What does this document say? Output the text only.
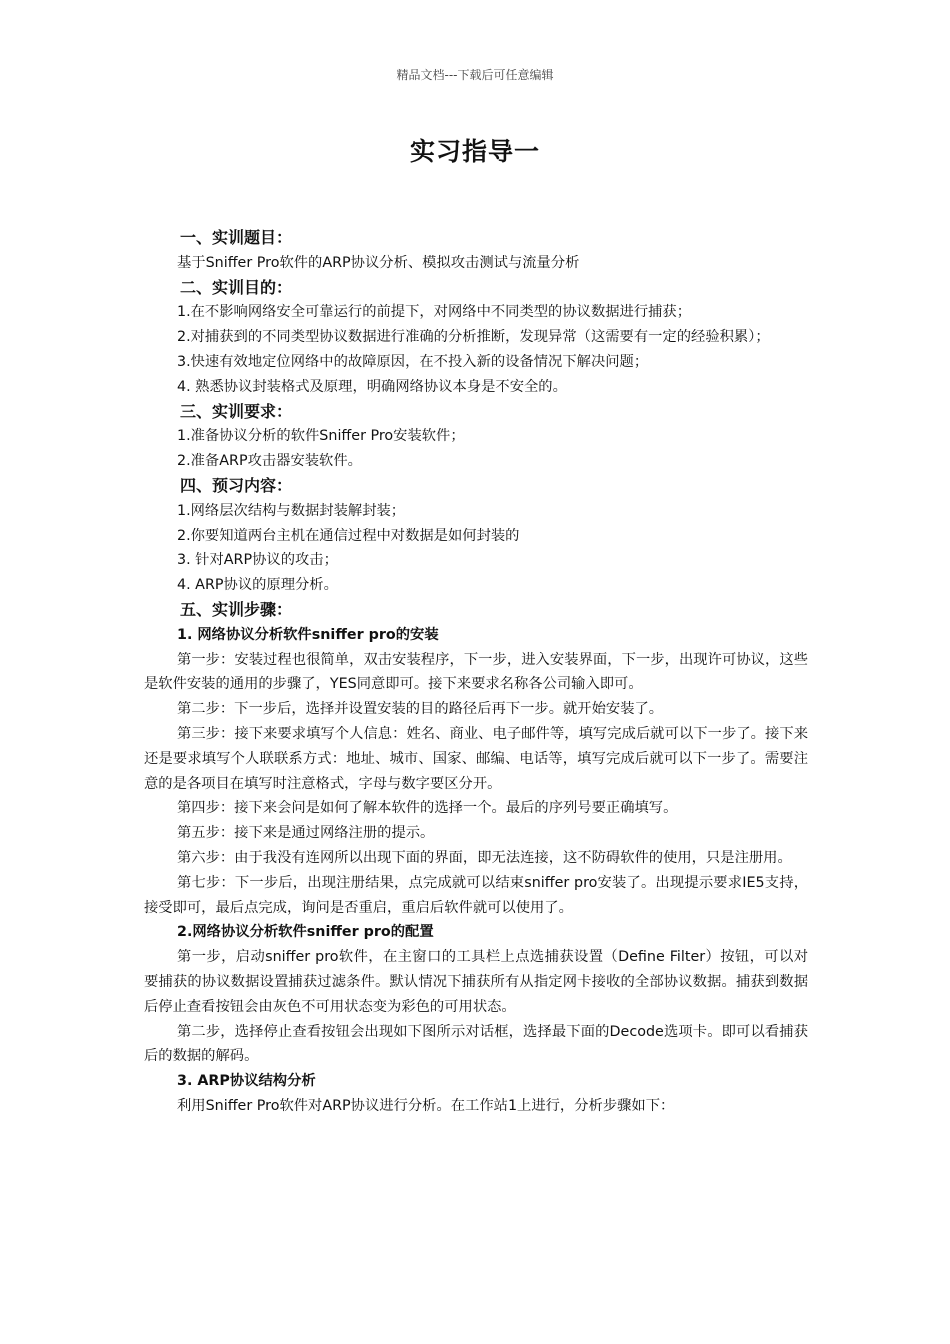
精品文档---下载后可任意编辑
实习指导一

一、实训题目：

基于Sniffer Pro软件的ARP协议分析、模拟攻击测试与流量分析

二、实训目的：

1.在不影响网络安全可靠运行的前提下，对网络中不同类型的协议数据进行捕获；

2.对捕获到的不同类型协议数据进行准确的分析推断，发现异常（这需要有一定的经验积累）；

3.快速有效地定位网络中的故障原因，在不投入新的设备情况下解决问题；

4. 熟悉协议封装格式及原理，明确网络协议本身是不安全的。

三、实训要求：

1.准备协议分析的软件Sniffer Pro安装软件；

2.准备ARP攻击器安装软件。

四、预习内容：

1.网络层次结构与数据封装解封装；

2.你要知道两台主机在通信过程中对数据是如何封装的

3. 针对ARP协议的攻击；

4. ARP协议的原理分析。

五、实训步骤：

1. 网络协议分析软件sniffer pro的安装

第一步：安装过程也很简单，双击安装程序，下一步，进入安装界面，下一步，出现许可协议，这些是软件安装的通用的步骤了，YES同意即可。接下来要求名称各公司输入即可。

第二步：下一步后，选择并设置安装的目的路径后再下一步。就开始安装了。

第三步：接下来要求填写个人信息：姓名、商业、电子邮件等，填写完成后就可以下一步了。接下来还是要求填写个人联联系方式：地址、城市、国家、邮编、电话等，填写完成后就可以下一步了。需要注意的是各项目在填写时注意格式，字母与数字要区分开。

第四步：接下来会问是如何了解本软件的选择一个。最后的序列号要正确填写。

第五步：接下来是通过网络注册的提示。

第六步：由于我没有连网所以出现下面的界面，即无法连接，这不防碍软件的使用，只是注册用。

第七步：下一步后，出现注册结果，点完成就可以结束sniffer pro安装了。出现提示要求IE5支持，接受即可，最后点完成，询问是否重启，重启后软件就可以使用了。

2.网络协议分析软件sniffer pro的配置

第一步，启动sniffer pro软件，在主窗口的工具栏上点选捕获设置（Define Filter）按钮，可以对要捕获的协议数据设置捕获过滤条件。默认情况下捕获所有从指定网卡接收的全部协议数据。捕获到数据后停止查看按钮会由灰色不可用状态变为彩色的可用状态。

第二步，选择停止查看按钮会出现如下图所示对话框，选择最下面的Decode选项卡。即可以看捕获后的数据的解码。

3. ARP协议结构分析

利用Sniffer Pro软件对ARP协议进行分析。在工作站1上进行，分析步骤如下：
